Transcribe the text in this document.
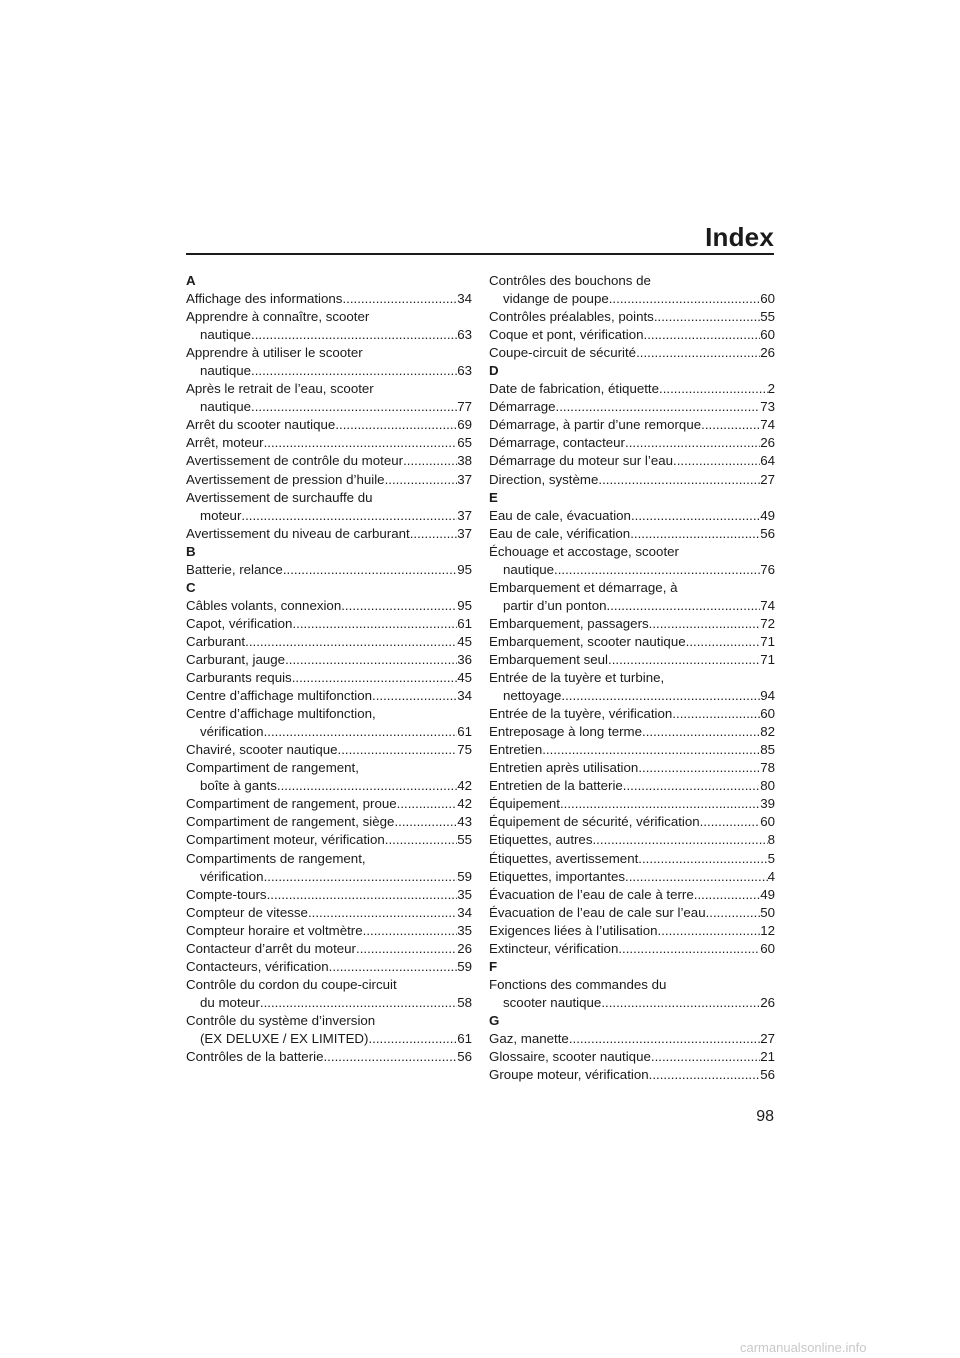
Index
A
Affichage des informations .....	34
Apprendre à connaître, scooter
nautique .....	63
Apprendre à utiliser le scooter
nautique .....	63
Après le retrait de l’eau, scooter
nautique .....	77
Arrêt du scooter nautique .....	69
Arrêt, moteur .....	65
Avertissement de contrôle du moteur .....	38
Avertissement de pression d’huile .....	37
Avertissement de surchauffe du
moteur .....	37
Avertissement du niveau de carburant .....	37
B
Batterie, relance .....	95
C
Câbles volants, connexion .....	95
Capot, vérification .....	61
Carburant .....	45
Carburant, jauge .....	36
Carburants requis .....	45
Centre d’affichage multifonction .....	34
Centre d’affichage multifonction,
vérification .....	61
Chaviré, scooter nautique .....	75
Compartiment de rangement,
boîte à gants .....	42
Compartiment de rangement, proue .....	42
Compartiment de rangement, siège .....	43
Compartiment moteur, vérification .....	55
Compartiments de rangement,
vérification .....	59
Compte-tours .....	35
Compteur de vitesse .....	34
Compteur horaire et voltmètre .....	35
Contacteur d’arrêt du moteur .....	26
Contacteurs, vérification .....	59
Contrôle du cordon du coupe-circuit
du moteur .....	58
Contrôle du système d’inversion
(EX DELUXE / EX LIMITED) .....	61
Contrôles de la batterie .....	56
Contrôles des bouchons de
vidange de poupe .....	60
Contrôles préalables, points .....	55
Coque et pont, vérification .....	60
Coupe-circuit de sécurité .....	26
D
Date de fabrication, étiquette .....	2
Démarrage .....	73
Démarrage, à partir d’une remorque .....	74
Démarrage, contacteur .....	26
Démarrage du moteur sur l’eau .....	64
Direction, système .....	27
E
Eau de cale, évacuation .....	49
Eau de cale, vérification .....	56
Échouage et accostage, scooter
nautique .....	76
Embarquement et démarrage, à
partir d’un ponton .....	74
Embarquement, passagers .....	72
Embarquement, scooter nautique .....	71
Embarquement seul .....	71
Entrée de la tuyère et turbine,
nettoyage .....	94
Entrée de la tuyère, vérification .....	60
Entreposage à long terme .....	82
Entretien .....	85
Entretien après utilisation .....	78
Entretien de la batterie .....	80
Équipement .....	39
Équipement de sécurité, vérification .....	60
Etiquettes, autres .....	8
Étiquettes, avertissement .....	5
Etiquettes, importantes .....	4
Évacuation de l’eau de cale à terre .....	49
Évacuation de l’eau de cale sur l’eau .....	50
Exigences liées à l’utilisation .....	12
Extincteur, vérification .....	60
F
Fonctions des commandes du
scooter nautique .....	26
G
Gaz, manette .....	27
Glossaire, scooter nautique .....	21
Groupe moteur, vérification .....	56
98
carmanualsonline.info
